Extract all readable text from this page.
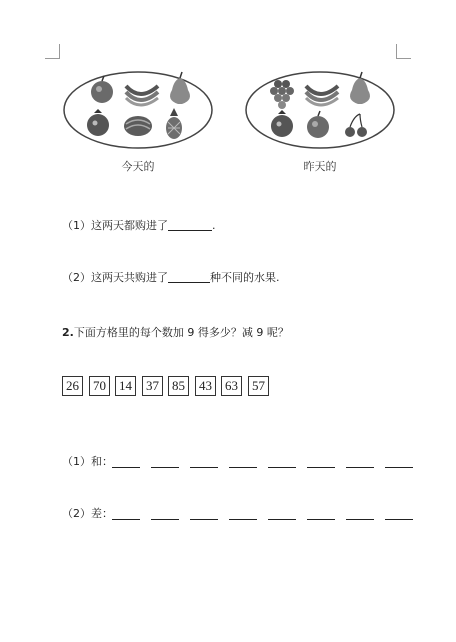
今天的	昨天的
（1）这两天都购进了	.
（2）这两天共购进了	种不同的水果.
2.下面方格里的每个数加 9 得多少？减 9 呢？
26	70	14	37	85	43	63	57
（1）和：
（2）差：
